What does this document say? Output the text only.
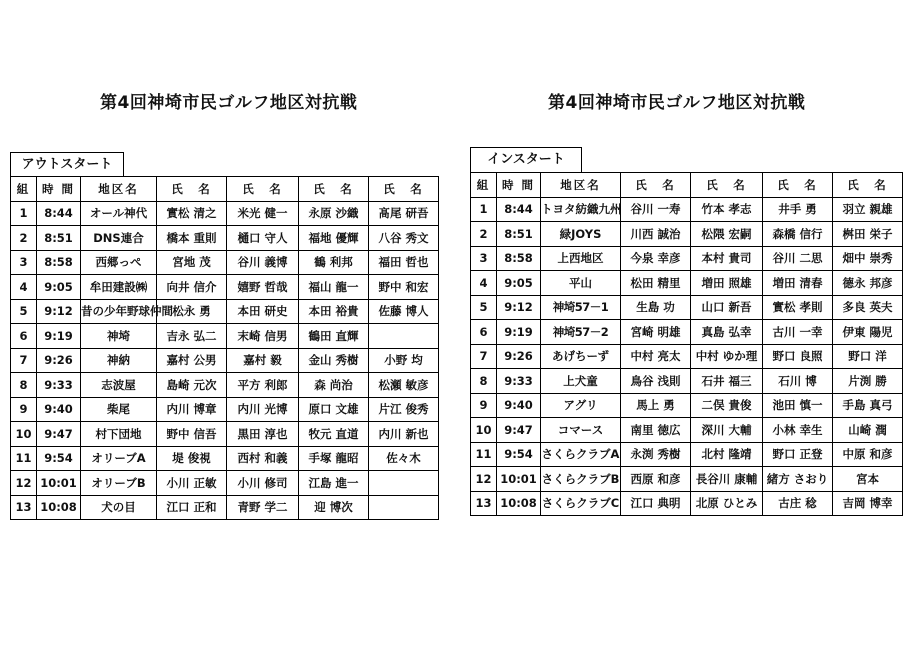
第4回神埼市民ゴルフ地区対抗戦	第4回神埼市民ゴルフ地区対抗戦
アウトスタート	インスタート
組	時 間	地区名	氏　名	氏　名	氏　名	氏　名
1	8:44	オール神代	實松 清之	米光 健一	永原 沙織	髙尾 研吾
2	8:51	DNS連合	橋本 重則	樋口 守人	福地 優輝	八谷 秀文
3	8:58	西郷っぺ	宮地 茂	谷川 義博	鶴 利邦	福田 哲也
4	9:05	牟田建設㈱	向井 信介	嬉野 哲哉	福山 龍一	野中 和宏
5	9:12	昔の少年野球仲間	松永 勇	本田 研史	本田 裕貴	佐藤 博人
6	9:19	神埼	吉永 弘二	末崎 信男	鶴田 直輝	
7	9:26	神納	嘉村 公男	嘉村 毅	金山 秀樹	小野 均
8	9:33	志波屋	島崎 元次	平方 利郎	森 尚治	松瀬 敏彦
9	9:40	柴尾	内川 博章	内川 光博	原口 文雄	片江 俊秀
10	9:47	村下団地	野中 信吾	黒田 淳也	牧元 直道	内川 新也
11	9:54	オリーブA	堤 俊視	西村 和義	手塚 龍昭	佐々木
12	10:01	オリーブB	小川 正敏	小川 修司	江島 進一	
13	10:08	犬の目	江口 正和	青野 学二	迎 博次	
組	時 間	地区名	氏　名	氏　名	氏　名	氏　名
1	8:44	トヨタ紡織九州	谷川 一寿	竹本 孝志	井手 勇	羽立 親雄
2	8:51	緑JOYS	川西 誠治	松隈 宏嗣	森橋 信行	桝田 栄子
3	8:58	上西地区	今泉 幸彦	本村 貴司	谷川 二思	畑中 崇秀
4	9:05	平山	松田 精里	増田 照雄	増田 清春	德永 邦彦
5	9:12	神埼57－1	生島 功	山口 新吾	實松 孝則	多良 英夫
6	9:19	神埼57－2	宮崎 明雄	真島 弘幸	古川 一幸	伊東 陽児
7	9:26	あげちーず	中村 亮太	中村 ゆか理	野口 良照	野口 洋
8	9:33	上犬童	鳥谷 浅則	石井 福三	石川 博	片渕 勝
9	9:40	アグリ	馬上 勇	二俣 貴俊	池田 慎一	手島 真弓
10	9:47	コマース	南里 徳広	深川 大輔	小林 幸生	山崎 潤
11	9:54	さくらクラブA	永渕 秀樹	北村 隆靖	野口 正登	中原 和彦
12	10:01	さくらクラブB	西原 和彦	長谷川 康輔	緒方 さおり	宮本
13	10:08	さくらクラブC	江口 典明	北原 ひとみ	古庄 稔	吉岡 博幸
